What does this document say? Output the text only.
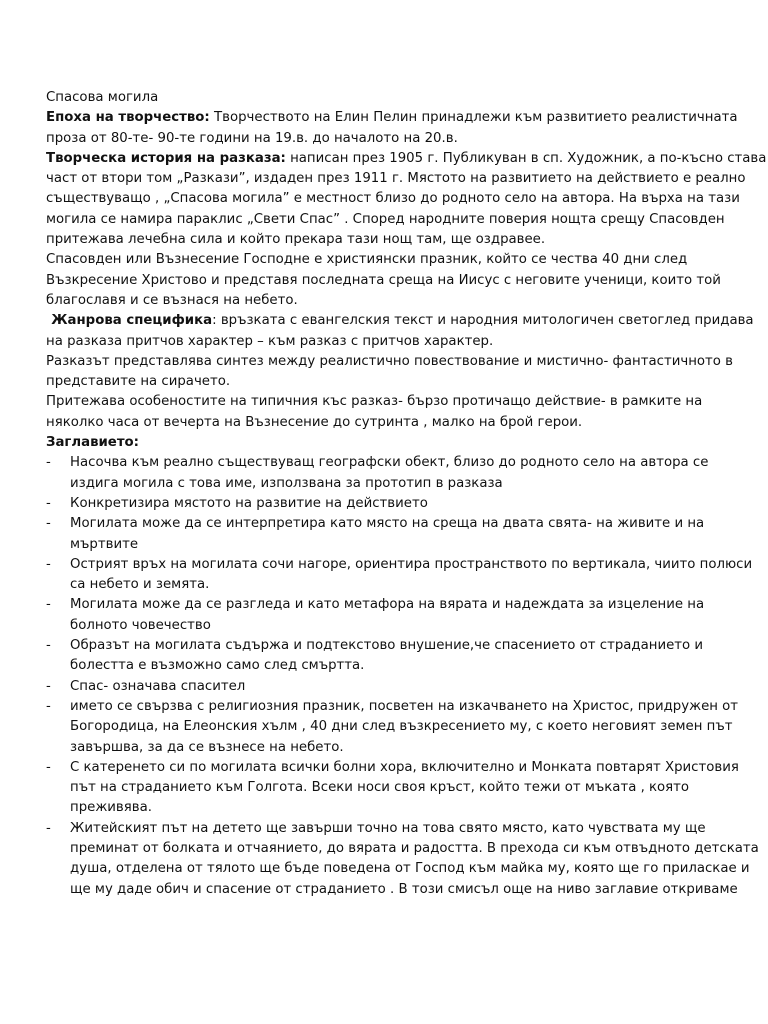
Спасова могила

Епоха на творчество: Творчеството на Елин Пелин принадлежи към развитието реалистичната

проза от 80-те- 90-те години на 19.в. до началото на 20.в.

Творческа история на разказа: написан през 1905 г. Публикуван в сп. Художник, а по-късно става

част от втори том „Разкази”, издаден през 1911 г. Мястото на развитието на действието е реално

съществуващо , „Спасова могила” е местност близо до родното село на автора. На върха на тази

могила се намира параклис „Свети Спас” . Според народните поверия нощта срещу Спасовден

притежава лечебна сила и който прекара тази нощ там, ще оздравее.

Спасовден или Възнесение Господне е християнски празник, който се чества 40 дни след

Възкресение Христово и представя последната среща на Иисус с неговите ученици, които той

благославя и се възнася на небето.

Жанрова специфика: връзката с евангелския текст и народния митологичен светоглед придава

на разказа притчов характер – към разказ с притчов характер.

Разказът представлява синтез между реалистично повествование и мистично- фантастичното в

представите на сирачето.

Притежава особеностите на типичния къс разказ- бързо протичащо действие- в рамките на

няколко часа от вечерта на Възнесение до сутринта , малко на брой герои.

Заглавието:

- Насочва към реално съществуващ географски обект, близо до родното село на автора се
издига могила с това име, използвана за прототип в разказа
- Конкретизира мястото на развитие на действието
- Могилата може да се интерпретира като място на среща на двата свята- на живите и на
мъртвите
- Острият връх на могилата сочи нагоре, ориентира пространството по вертикала, чиито полюси
са небето и земята.
- Могилата може да се разгледа и като метафора на вярата и надеждата за изцеление на
болното човечество
- Образът на могилата съдържа и подтекстово внушение,че спасението от страданието и
болестта е възможно само след смъртта.
- Спас- означава спасител
- името се свързва с религиозния празник, посветен на изкачването на Христос, придружен от
Богородица, на Елеонския хълм , 40 дни след възкресението му, с което неговият земен път
завършва, за да се възнесе на небето.
- С катеренето си по могилата всички болни хора, включително и Монката повтарят Христовия
път на страданието към Голгота. Всеки носи своя кръст, който тежи от мъката , която
преживява.
- Житейският път на детето ще завърши точно на това свято място, като чувствата му ще
преминат от болката и отчаянието, до вярата и радостта. В прехода си към отвъдното детската
душа, отделена от тялото ще бъде поведена от Господ към майка му, която ще го приласкае и
ще му даде обич и спасение от страданието . В този смисъл още на ниво заглавие откриваме
